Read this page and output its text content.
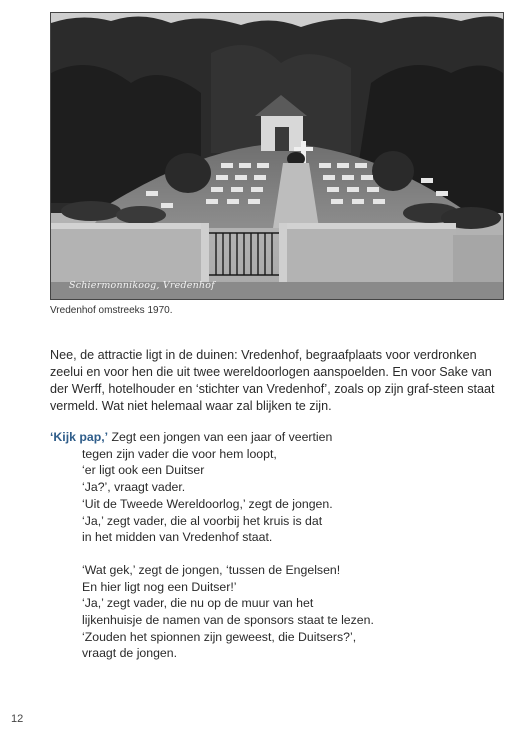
Schiermonnikoog, Vredenhof
Vredenhof omstreeks 1970.

Nee, de attractie ligt in de duinen: Vredenhof, begraafplaats voor verdronken zeelui en voor hen die uit twee wereldoorlogen aanspoelden. En voor Sake van der Werff, hotelhouder en ‘stichter van Vredenhof’, zoals op zijn graf-steen staat vermeld. Wat niet helemaal waar zal blijken te zijn.

‘Kijk pap,’ Zegt een jongen van een jaar of veertien
tegen zijn vader die voor hem loopt,
‘er ligt ook een Duitser
‘Ja?’, vraagt vader.
‘Uit de Tweede Wereldoorlog,’ zegt de jongen.
‘Ja,’ zegt vader, die al voorbij het kruis is dat
in het midden van Vredenhof staat.
‘Wat gek,’ zegt de jongen, ‘tussen de Engelsen!
En hier ligt nog een Duitser!’
‘Ja,’ zegt vader, die nu op de muur van het
lijkenhuisje de namen van de sponsors staat te lezen.
‘Zouden het spionnen zijn geweest, die Duitsers?’,
vraagt de jongen.
12
